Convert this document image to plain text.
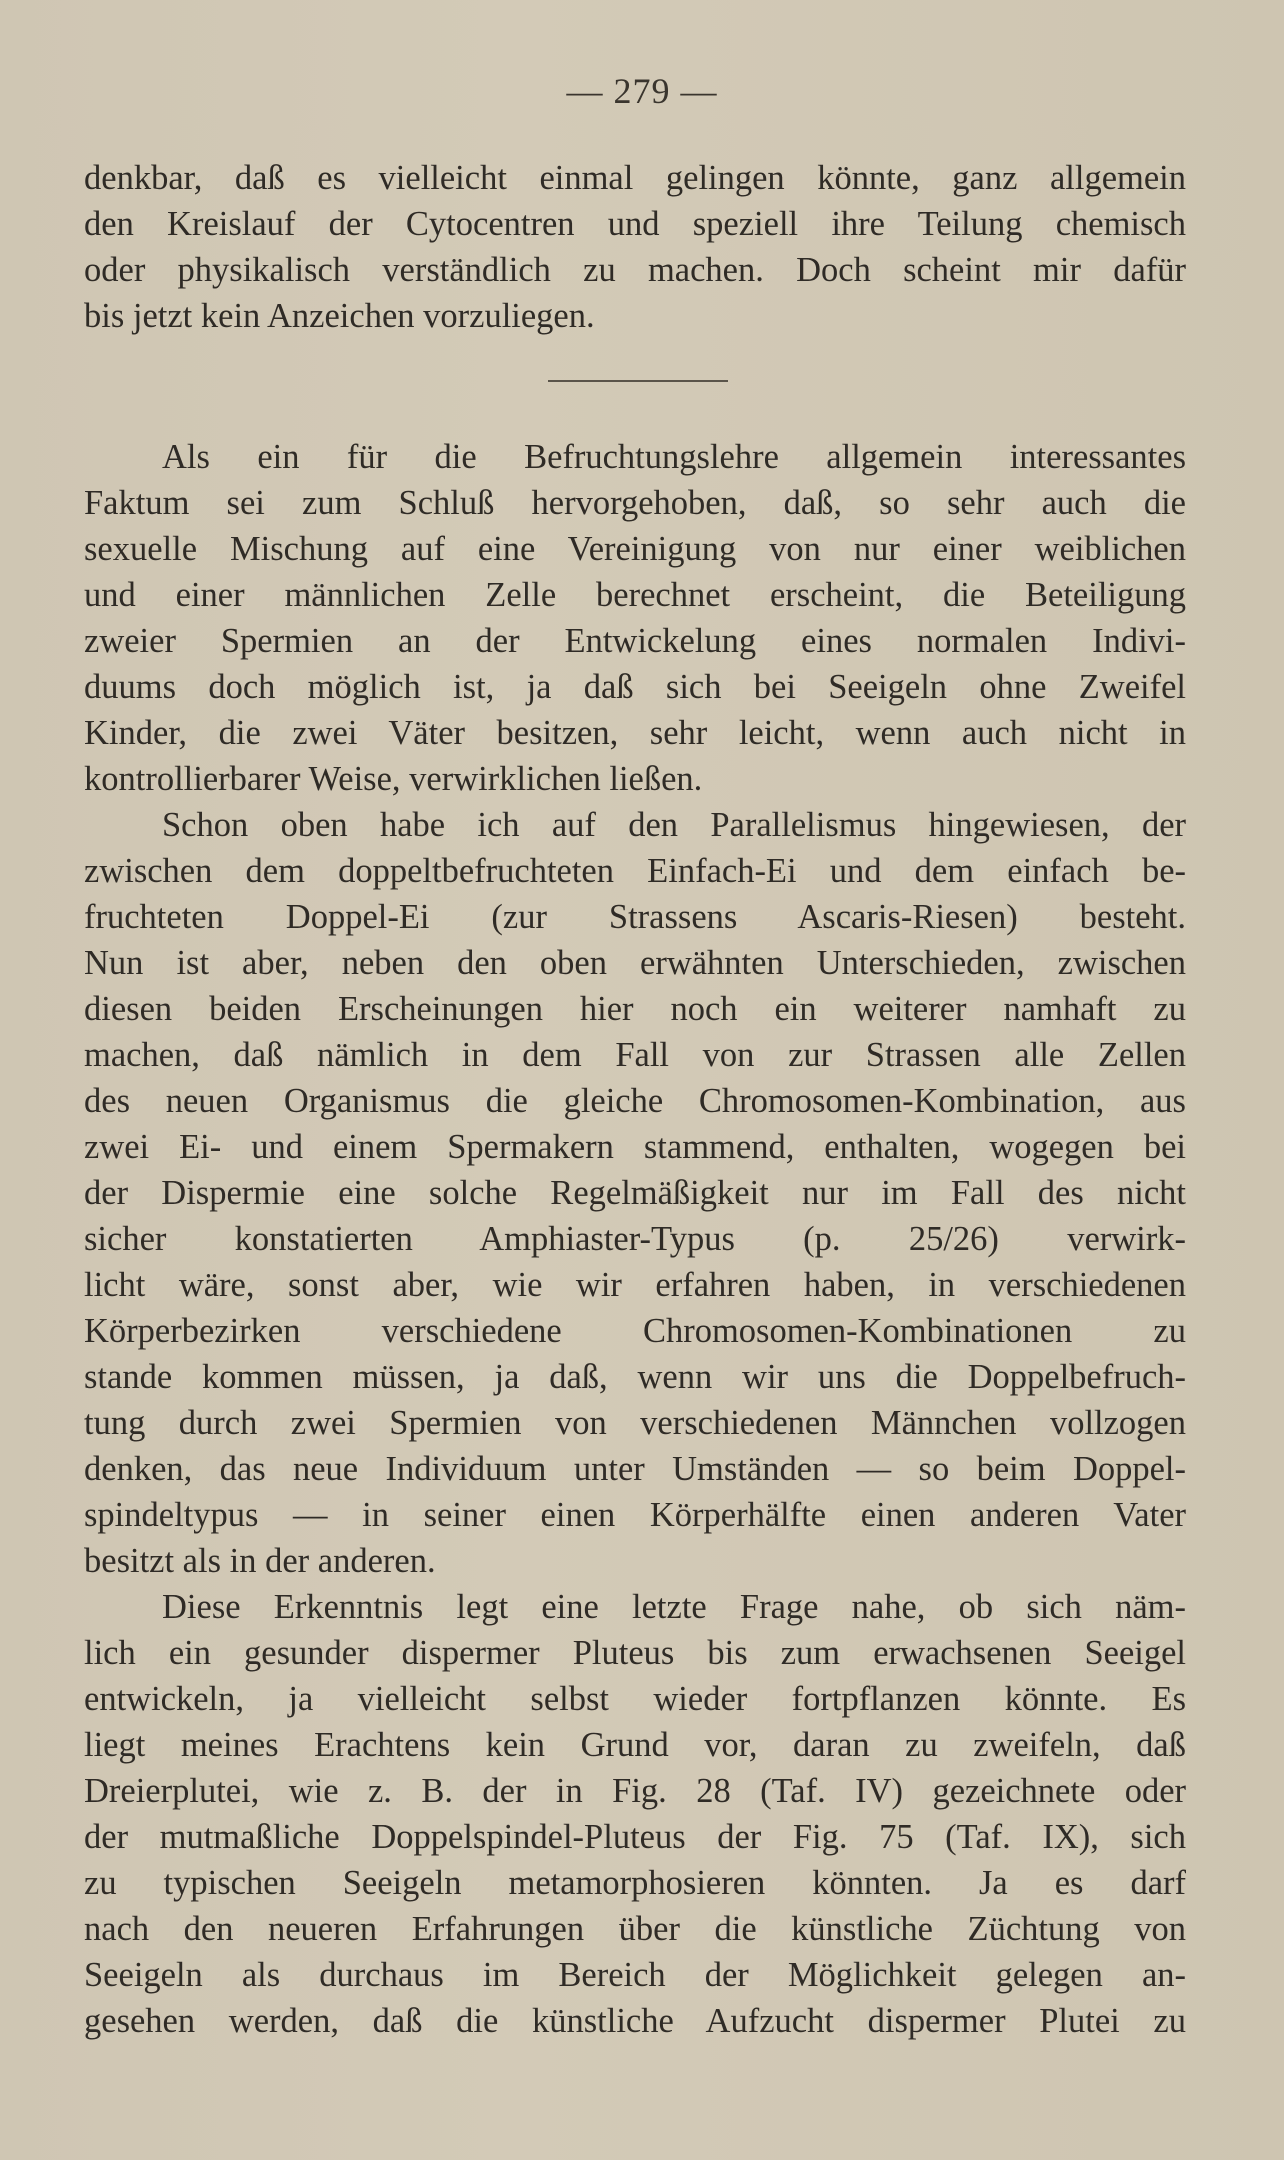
— 279 —
denkbar, daß es vielleicht einmal gelingen könnte, ganz allgemein
den Kreislauf der Cytocentren und speziell ihre Teilung chemisch
oder physikalisch verständlich zu machen. Doch scheint mir dafür
bis jetzt kein Anzeichen vorzuliegen.
Als ein für die Befruchtungslehre allgemein interessantes
Faktum sei zum Schluß hervorgehoben, daß, so sehr auch die
sexuelle Mischung auf eine Vereinigung von nur einer weiblichen
und einer männlichen Zelle berechnet erscheint, die Beteiligung
zweier Spermien an der Entwickelung eines normalen Indivi-
duums doch möglich ist, ja daß sich bei Seeigeln ohne Zweifel
Kinder, die zwei Väter besitzen, sehr leicht, wenn auch nicht in
kontrollierbarer Weise, verwirklichen ließen.
Schon oben habe ich auf den Parallelismus hingewiesen, der
zwischen dem doppeltbefruchteten Einfach-Ei und dem einfach be-
fruchteten Doppel-Ei (zur Strassens Ascaris-Riesen) besteht.
Nun ist aber, neben den oben erwähnten Unterschieden, zwischen
diesen beiden Erscheinungen hier noch ein weiterer namhaft zu
machen, daß nämlich in dem Fall von zur Strassen alle Zellen
des neuen Organismus die gleiche Chromosomen-Kombination, aus
zwei Ei- und einem Spermakern stammend, enthalten, wogegen bei
der Dispermie eine solche Regelmäßigkeit nur im Fall des nicht
sicher konstatierten Amphiaster-Typus (p. 25/26) verwirk-
licht wäre, sonst aber, wie wir erfahren haben, in verschiedenen
Körperbezirken verschiedene Chromosomen-Kombinationen zu
stande kommen müssen, ja daß, wenn wir uns die Doppelbefruch-
tung durch zwei Spermien von verschiedenen Männchen vollzogen
denken, das neue Individuum unter Umständen — so beim Doppel-
spindeltypus — in seiner einen Körperhälfte einen anderen Vater
besitzt als in der anderen.
Diese Erkenntnis legt eine letzte Frage nahe, ob sich näm-
lich ein gesunder dispermer Pluteus bis zum erwachsenen Seeigel
entwickeln, ja vielleicht selbst wieder fortpflanzen könnte. Es
liegt meines Erachtens kein Grund vor, daran zu zweifeln, daß
Dreierplutei, wie z. B. der in Fig. 28 (Taf. IV) gezeichnete oder
der mutmaßliche Doppelspindel-Pluteus der Fig. 75 (Taf. IX), sich
zu typischen Seeigeln metamorphosieren könnten. Ja es darf
nach den neueren Erfahrungen über die künstliche Züchtung von
Seeigeln als durchaus im Bereich der Möglichkeit gelegen an-
gesehen werden, daß die künstliche Aufzucht dispermer Plutei zu
